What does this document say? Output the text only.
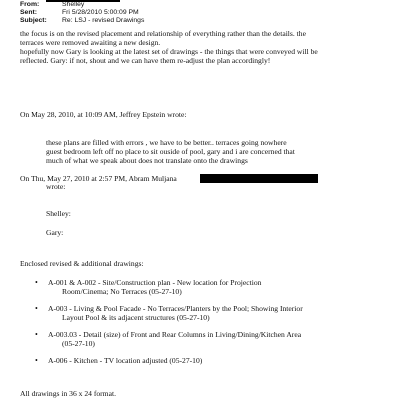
From:	Shelley
Sent:	Fri 5/28/2010 5:00:09 PM
Subject: Re: LSJ - revised Drawings
the focus is on the revised placement and relationship of everything rather than the details. the
terraces were removed awaiting a new design.
hopefully now Gary is looking at the latest set of drawings - the things that were conveyed will be
reflected. Gary: if not, shout and we can have them re-adjust the plan accordingly!
On May 28, 2010, at 10:09 AM, Jeffrey Epstein wrote:
these plans are filled with errors , we have to be better.. terraces going nowhere
guest bedroom left off no place to sit ouside of pool, gary and i are concerned that
much of what we speak about does not translate onto the drawings
On Thu, May 27, 2010 at 2:57 PM, Abram Muljana
wrote:
Shelley:
Gary:
Enclosed revised & additional drawings:
• A-001 & A-002 - Site/Construction plan - New location for Projection
Room/Cinema; No Terraces (05-27-10)
• A-003 - Living & Pool Facade - No Terraces/Planters by the Pool; Showing Interior
Layout Pool & its adjacent structures (05-27-10)
• A-003.03 - Detail (size) of Front and Rear Columns in Living/Dining/Kitchen Area
(05-27-10)
• A-006 - Kitchen - TV location adjusted (05-27-10)
All drawings in 36 x 24 format.
